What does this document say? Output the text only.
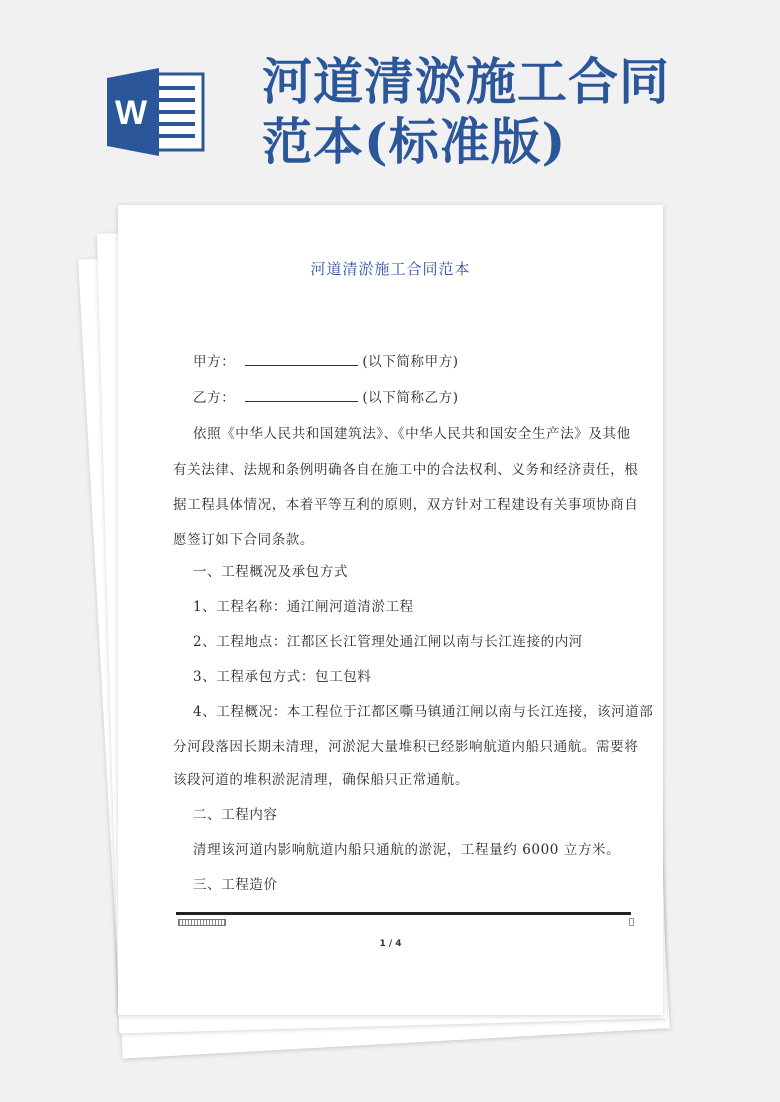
W
河道清淤施工合同
范本(标准版)
河道清淤施工合同范本
甲方：	(以下简称甲方)
乙方：	(以下简称乙方)
依照《中华人民共和国建筑法》、《中华人民共和国安全生产法》及其他
有关法律、法规和条例明确各自在施工中的合法权利、义务和经济责任，根
据工程具体情况，本着平等互利的原则，双方针对工程建设有关事项协商自
愿签订如下合同条款。
一、工程概况及承包方式
1、工程名称：通江闸河道清淤工程
2、工程地点：江都区长江管理处通江闸以南与长江连接的内河
3、工程承包方式：包工包料
4、工程概况：本工程位于江都区嘶马镇通江闸以南与长江连接，该河道部
分河段落因长期未清理，河淤泥大量堆积已经影响航道内船只通航。需要将
该段河道的堆积淤泥清理，确保船只正常通航。
二、工程内容
清理该河道内影响航道内船只通航的淤泥，工程量约 6000 立方米。
三、工程造价
1 / 4
